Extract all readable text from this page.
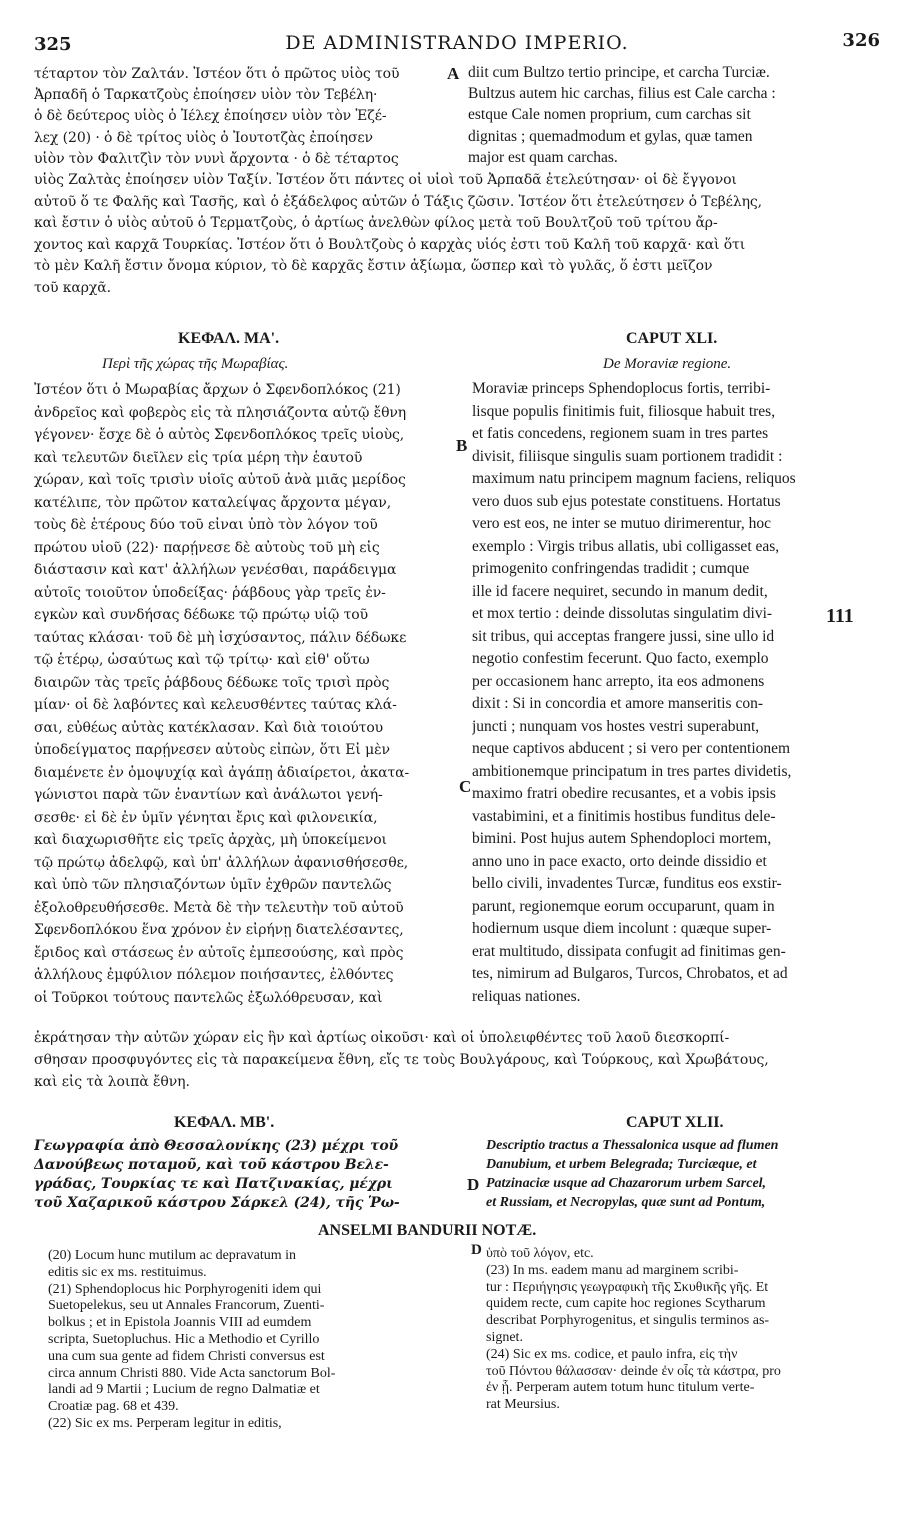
325	DE ADMINISTRANDO IMPERIO.	326
τέταρτον τὸν Ζαλτάν. Ἰστέον ὅτι ὁ πρῶτος υἱὸς τοῦ
Ἀρπαδῆ ὁ Ταρκατζοὺς ἐποίησεν υἱὸν τὸν Τεβέλη·
ὁ δὲ δεύτερος υἱὸς ὁ Ἰέλεχ ἐποίησεν υἱὸν τὸν Ἐζέ-
λεχ (20) · ὁ δὲ τρίτος υἱὸς ὁ Ἰουτοτζὰς ἐποίησεν
υἱὸν τὸν Φαλιτζὶν τὸν νυνὶ ἄρχοντα · ὁ δὲ τέταρτος
diit cum Bultzo tertio principe, et carcha Turciæ.
Bultzus autem hic carchas, filius est Cale carcha :
estque Cale nomen proprium, cum carchas sit
dignitas ; quemadmodum et gylas, quæ tamen
major est quam carchas.
υἱὸς Ζαλτὰς ἐποίησεν υἱὸν Ταξίν. Ἰστέον ὅτι πάντες οἱ υἱοὶ τοῦ Ἀρπαδᾶ ἐτελεύτησαν· οἱ δὲ ἔγγονοι
αὐτοῦ ὅ τε Φαλῆς καὶ Τασῆς, καὶ ὁ ἐξάδελφος αὐτῶν ὁ Τάξις ζῶσιν. Ἰστέον ὅτι ἐτελεύτησεν ὁ Τεβέλης,
καὶ ἔστιν ὁ υἱὸς αὐτοῦ ὁ Τερματζοὺς, ὁ ἀρτίως ἀνελθὼν φίλος μετὰ τοῦ Βουλτζοῦ τοῦ τρίτου ἄρ-
χοντος καὶ καρχᾶ Τουρκίας. Ἰστέον ὅτι ὁ Βουλτζοὺς ὁ καρχὰς υἱός ἐστι τοῦ Καλῆ τοῦ καρχᾶ· καὶ ὅτι
τὸ μὲν Καλῆ ἔστιν ὄνομα κύριον, τὸ δὲ καρχᾶς ἔστιν ἀξίωμα, ὥσπερ καὶ τὸ γυλᾶς, ὅ ἐστι μεῖζον
τοῦ καρχᾶ.
ΚΕΦΑΛ. ΜΑ'.	CAPUT XLI.
Περὶ τῆς χώρας τῆς Μωραβίας.	De Moraviæ regione.
Ἰστέον ὅτι ὁ Μωραβίας ἄρχων ὁ Σφενδοπλόκος (21)
ἀνδρεῖος καὶ φοβερὸς εἰς τὰ πλησιάζοντα αὐτῷ ἔθνη
γέγονεν· ἔσχε δὲ ὁ αὐτὸς Σφενδοπλόκος τρεῖς υἱοὺς,
καὶ τελευτῶν διεῖλεν εἰς τρία μέρη τὴν ἑαυτοῦ
χώραν, καὶ τοῖς τρισὶν υἱοῖς αὐτοῦ ἀνὰ μιᾶς μερίδος
κατέλιπε, τὸν πρῶτον καταλείψας ἄρχοντα μέγαν,
τοὺς δὲ ἑτέρους δύο τοῦ εἶναι ὑπὸ τὸν λόγον τοῦ
πρώτου υἱοῦ (22)· παρῄνεσε δὲ αὐτοὺς τοῦ μὴ εἰς
διάστασιν καὶ κατ' ἀλλήλων γενέσθαι, παράδειγμα
αὐτοῖς τοιοῦτον ὑποδείξας· ῥάβδους γὰρ τρεῖς ἐν-
εγκὼν καὶ συνδήσας δέδωκε τῷ πρώτῳ υἱῷ τοῦ
ταύτας κλάσαι· τοῦ δὲ μὴ ἰσχύσαντος, πάλιν δέδωκε
τῷ ἑτέρῳ, ὡσαύτως καὶ τῷ τρίτῳ· καὶ εἶθ' οὕτω
διαιρῶν τὰς τρεῖς ῥάβδους δέδωκε τοῖς τρισὶ πρὸς
μίαν· οἱ δὲ λαβόντες καὶ κελευσθέντες ταύτας κλά-
σαι, εὐθέως αὐτὰς κατέκλασαν. Καὶ διὰ τοιούτου
ὑποδείγματος παρῄνεσεν αὐτοὺς εἰπὼν, ὅτι Εἰ μὲν
διαμένετε ἐν ὁμοψυχίᾳ καὶ ἀγάπῃ ἀδιαίρετοι, ἀκατα-
γώνιστοι παρὰ τῶν ἐναντίων καὶ ἀνάλωτοι γενή-
σεσθε· εἰ δὲ ἐν ὑμῖν γένηται ἔρις καὶ φιλονεικία,
καὶ διαχωρισθῆτε εἰς τρεῖς ἀρχὰς, μὴ ὑποκείμενοι
τῷ πρώτῳ ἀδελφῷ, καὶ ὑπ' ἀλλήλων ἀφανισθήσεσθε,
καὶ ὑπὸ τῶν πλησιαζόντων ὑμῖν ἐχθρῶν παντελῶς
ἐξολοθρευθήσεσθε. Μετὰ δὲ τὴν τελευτὴν τοῦ αὐτοῦ
Σφενδοπλόκου ἕνα χρόνον ἐν εἰρήνῃ διατελέσαντες,
ἔριδος καὶ στάσεως ἐν αὐτοῖς ἐμπεσούσης, καὶ πρὸς
ἀλλήλους ἐμφύλιον πόλεμον ποιήσαντες, ἐλθόντες
οἱ Τοῦρκοι τούτους παντελῶς ἐξωλόθρευσαν, καὶ
Moraviæ princeps Sphendoplocus fortis, terribi-
lisque populis finitimis fuit, filiosque habuit tres,
et fatis concedens, regionem suam in tres partes
divisit, filiisque singulis suam portionem tradidit :
maximum natu principem magnum faciens, reliquos
vero duos sub ejus potestate constituens. Hortatus
vero est eos, ne inter se mutuo dirimerentur, hoc
exemplo : Virgis tribus allatis, ubi colligasset eas,
primogenito confringendas tradidit ; cumque
ille id facere nequiret, secundo in manum dedit,
et mox tertio : deinde dissolutas singulatim divi-
sit tribus, qui acceptas frangere jussi, sine ullo id
negotio confestim fecerunt. Quo facto, exemplo
per occasionem hanc arrepto, ita eos admonens
dixit : Si in concordia et amore manseritis con-
juncti ; nunquam vos hostes vestri superabunt,
neque captivos abducent ; si vero per contentionem
ambitionemque principatum in tres partes dividetis,
maximo fratri obedire recusantes, et a vobis ipsis
vastabimini, et a finitimis hostibus funditus dele-
bimini. Post hujus autem Sphendoploci mortem,
anno uno in pace exacto, orto deinde dissidio et
bello civili, invadentes Turcæ, funditus eos exstir-
parunt, regionemque eorum occuparunt, quam in
hodiernum usque diem incolunt : quæque super-
erat multitudo, dissipata confugit ad finitimas gen-
tes, nimirum ad Bulgaros, Turcos, Chrobatos, et ad
reliquas nationes.
ἐκράτησαν τὴν αὐτῶν χώραν εἰς ἣν καὶ ἀρτίως οἰκοῦσι· καὶ οἱ ὑπολειφθέντες τοῦ λαοῦ διεσκορπί-
σθησαν προσφυγόντες εἰς τὰ παρακείμενα ἔθνη, εἴς τε τοὺς Βουλγάρους, καὶ Τούρκους, καὶ Χρωβάτους,
καὶ εἰς τὰ λοιπὰ ἔθνη.
111
ΚΕΦΑΛ. ΜΒ'.	CAPUT XLII.
Γεωγραφία ἀπὸ Θεσσαλονίκης (23) μέχρι τοῦ
Δανούβεως ποταμοῦ, καὶ τοῦ κάστρου Βελε-
γράδας, Τουρκίας τε καὶ Πατζινακίας, μέχρι
τοῦ Χαζαρικοῦ κάστρου Σάρκελ (24), τῆς Ῥω-
Descriptio tractus a Thessalonica usque ad flumen
Danubium, et urbem Belegrada; Turciæque, et
Patzinaciæ usque ad Chazarorum urbem Sarcel,
et Russiam, et Necropylas, quæ sunt ad Pontum,
ANSELMI BANDURII NOTÆ.
(20) Locum hunc mutilum ac depravatum in
editis sic ex ms. restituimus.
(21) Sphendoplocus hic Porphyrogeniti idem qui
Suetopelekus, seu ut Annales Francorum, Zuenti-
bolkus ; et in Epistola Joannis VIII ad eumdem
scripta, Suetopluchus. Hic a Methodio et Cyrillo
una cum sua gente ad fidem Christi conversus est
circa annum Christi 880. Vide Acta sanctorum Bol-
landi ad 9 Martii ; Lucium de regno Dalmatiæ et
Croatiæ pag. 68 et 439.
(22) Sic ex ms. Perperam legitur in editis,
ὑπὸ τοῦ λόγον, etc.
(23) In ms. eadem manu ad marginem scribi-
tur : Περιήγησις γεωγραφικὴ τῆς Σκυθικῆς γῆς. Et
quidem recte, cum capite hoc regiones Scytharum
describat Porphyrogenitus, et singulis terminos as-
signet.
(24) Sic ex ms. codice, et paulo infra, εἰς τὴν
τοῦ Πόντου θάλασσαν· deinde ἐν οἷς τὰ κάστρα, pro
ἐν ᾗ. Perperam autem totum hunc titulum verte-
rat Meursius.
A
B
C
D
D
